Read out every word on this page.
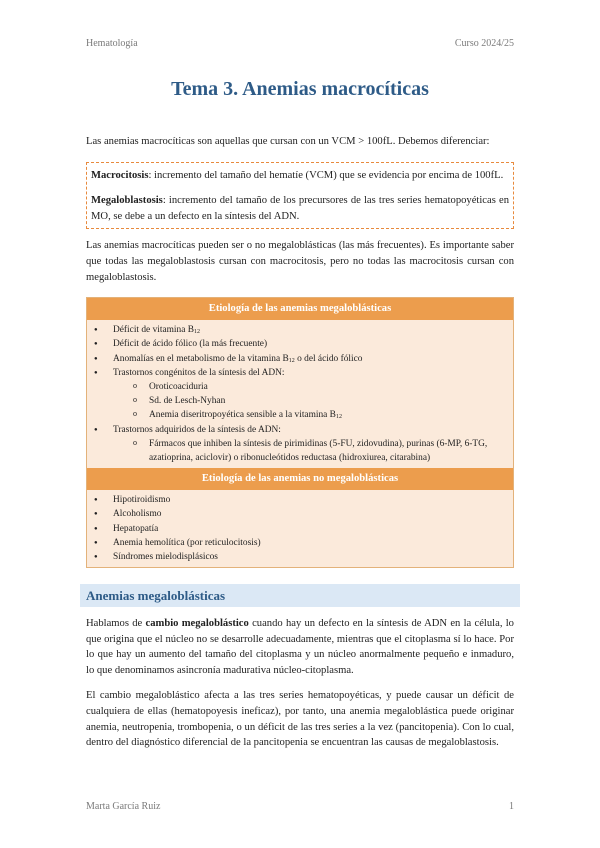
Hematología	Curso 2024/25
Tema 3. Anemias macrocíticas

Las anemias macrocíticas son aquellas que cursan con un VCM > 100fL. Debemos diferenciar:

Macrocitosis: incremento del tamaño del hematíe (VCM) que se evidencia por encima de 100fL.

Megaloblastosis: incremento del tamaño de los precursores de las tres series hematopoyéticas en MO, se debe a un defecto en la síntesis del ADN.

Las anemias macrocíticas pueden ser o no megaloblásticas (las más frecuentes). Es importante saber que todas las megaloblastosis cursan con macrocitosis, pero no todas las macrocitosis cursan con megaloblastosis.

Etiología de las anemias megaloblásticas
● Déficit de vitamina $B_{12}$
● Déficit de ácido fólico (la más frecuente)
● Anomalías en el metabolismo de la vitamina $B_{12}$ o del ácido fólico
● Trastornos congénitos de la síntesis del ADN:
o Oroticoaciduria
o Sd. de Lesch-Nyhan
o Anemia diseritropoyética sensible a la vitamina $B_{12}$
● Trastornos adquiridos de la síntesis de ADN:
o Fármacos que inhiben la síntesis de pirimidinas (5-FU, zidovudina), purinas (6-MP, 6-TG, azatioprina, aciclovir) o ribonucleótidos reductasa (hidroxiurea, citarabina)
Etiología de las anemias no megaloblásticas
● Hipotiroidismo
● Alcoholismo
● Hepatopatía
● Anemia hemolítica (por reticulocitosis)
● Síndromes mielodisplásicos
Anemias megaloblásticas

Hablamos de cambio megaloblástico cuando hay un defecto en la síntesis de ADN en la célula, lo que origina que el núcleo no se desarrolle adecuadamente, mientras que el citoplasma sí lo hace. Por lo que hay un aumento del tamaño del citoplasma y un núcleo anormalmente pequeño e inmaduro, lo que denominamos asincronía madurativa núcleo-citoplasma.

El cambio megaloblástico afecta a las tres series hematopoyéticas, y puede causar un déficit de cualquiera de ellas (hematopoyesis ineficaz), por tanto, una anemia megaloblástica puede originar anemia, neutropenia, trombopenia, o un déficit de las tres series a la vez (pancitopenia). Con lo cual, dentro del diagnóstico diferencial de la pancitopenia se encuentran las causas de megaloblastosis.

Marta García Ruiz	1
